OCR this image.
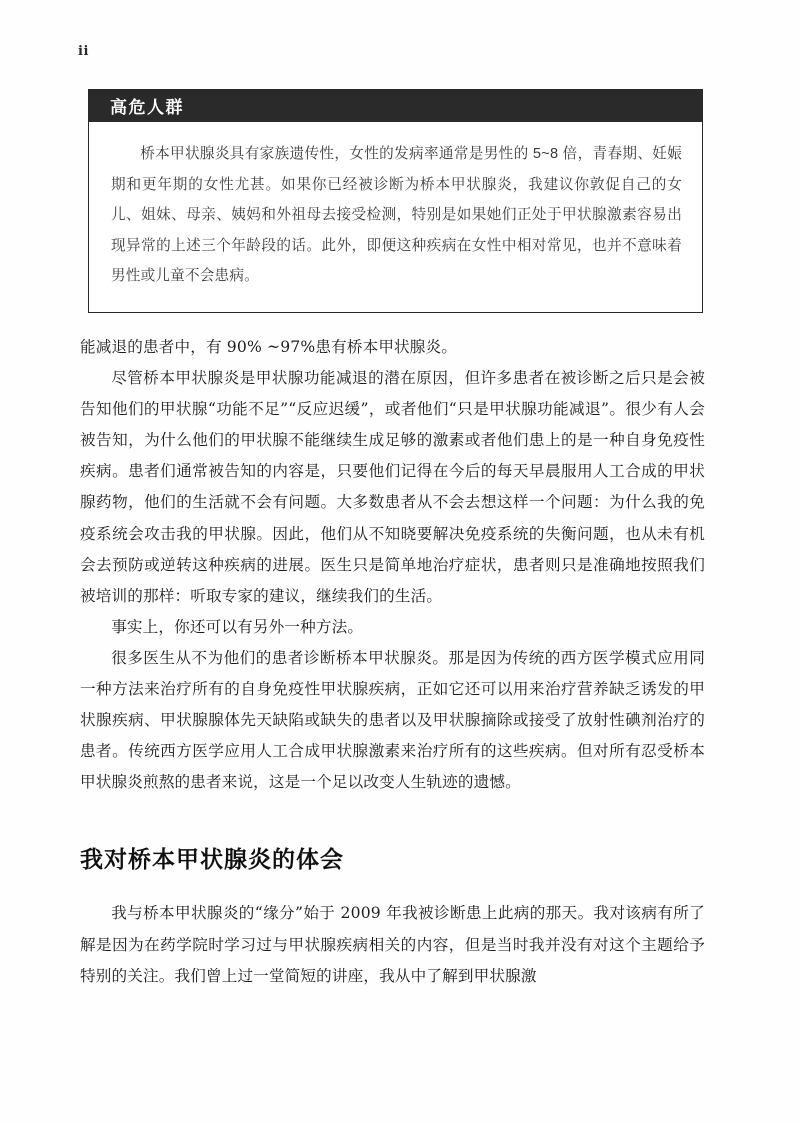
ii
高危人群

桥本甲状腺炎具有家族遗传性，女性的发病率通常是男性的 5~8 倍，青春期、妊娠期和更年期的女性尤甚。如果你已经被诊断为桥本甲状腺炎，我建议你敦促自己的女儿、姐妹、母亲、姨妈和外祖母去接受检测，特别是如果她们正处于甲状腺激素容易出现异常的上述三个年龄段的话。此外，即便这种疾病在女性中相对常见，也并不意味着男性或儿童不会患病。

能减退的患者中，有 90% ~97%患有桥本甲状腺炎。

尽管桥本甲状腺炎是甲状腺功能减退的潜在原因，但许多患者在被诊断之后只是会被告知他们的甲状腺“功能不足”“反应迟缓”，或者他们“只是甲状腺功能减退”。很少有人会被告知，为什么他们的甲状腺不能继续生成足够的激素或者他们患上的是一种自身免疫性疾病。患者们通常被告知的内容是，只要他们记得在今后的每天早晨服用人工合成的甲状腺药物，他们的生活就不会有问题。大多数患者从不会去想这样一个问题：为什么我的免疫系统会攻击我的甲状腺。因此，他们从不知晓要解决免疫系统的失衡问题，也从未有机会去预防或逆转这种疾病的进展。医生只是简单地治疗症状，患者则只是准确地按照我们被培训的那样：听取专家的建议，继续我们的生活。

事实上，你还可以有另外一种方法。

很多医生从不为他们的患者诊断桥本甲状腺炎。那是因为传统的西方医学模式应用同一种方法来治疗所有的自身免疫性甲状腺疾病，正如它还可以用来治疗营养缺乏诱发的甲状腺疾病、甲状腺腺体先天缺陷或缺失的患者以及甲状腺摘除或接受了放射性碘剂治疗的患者。传统西方医学应用人工合成甲状腺激素来治疗所有的这些疾病。但对所有忍受桥本甲状腺炎煎熬的患者来说，这是一个足以改变人生轨迹的遗憾。

我对桥本甲状腺炎的体会

我与桥本甲状腺炎的“缘分”始于 2009 年我被诊断患上此病的那天。我对该病有所了解是因为在药学院时学习过与甲状腺疾病相关的内容，但是当时我并没有对这个主题给予特别的关注。我们曾上过一堂简短的讲座，我从中了解到甲状腺激
